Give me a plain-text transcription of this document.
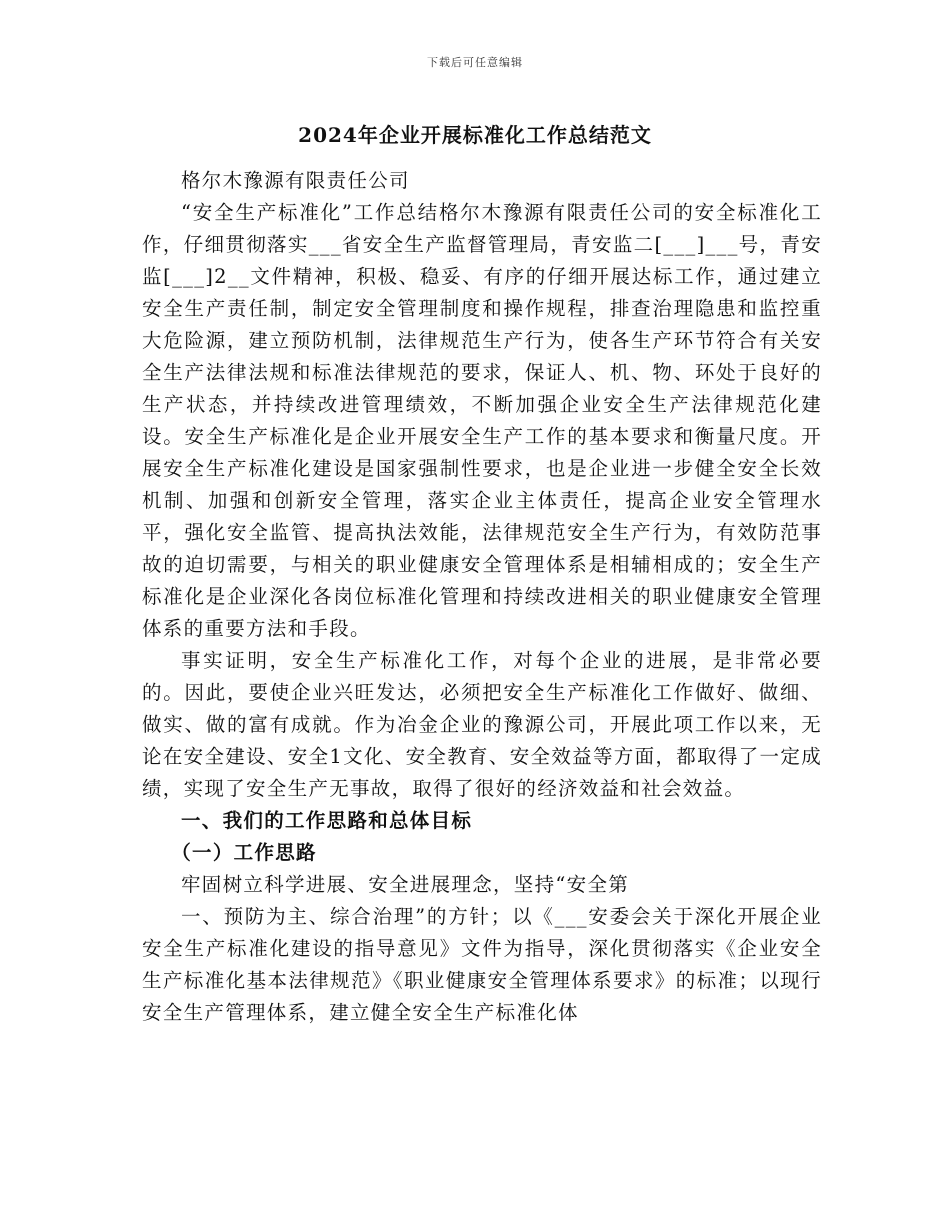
下载后可任意编辑
2024年企业开展标准化工作总结范文

格尔木豫源有限责任公司

“安全生产标准化”工作总结格尔木豫源有限责任公司的安全标准化工作，仔细贯彻落实___省安全生产监督管理局，青安监二[___]___号，青安监[___]2__文件精神，积极、稳妥、有序的仔细开展达标工作，通过建立安全生产责任制，制定安全管理制度和操作规程，排查治理隐患和监控重大危险源，建立预防机制，法律规范生产行为，使各生产环节符合有关安全生产法律法规和标准法律规范的要求，保证人、机、物、环处于良好的生产状态，并持续改进管理绩效，不断加强企业安全生产法律规范化建设。安全生产标准化是企业开展安全生产工作的基本要求和衡量尺度。开展安全生产标准化建设是国家强制性要求，也是企业进一步健全安全长效机制、加强和创新安全管理，落实企业主体责任，提高企业安全管理水平，强化安全监管、提高执法效能，法律规范安全生产行为，有效防范事故的迫切需要，与相关的职业健康安全管理体系是相辅相成的；安全生产标准化是企业深化各岗位标准化管理和持续改进相关的职业健康安全管理体系的重要方法和手段。

事实证明，安全生产标准化工作，对每个企业的进展，是非常必要的。因此，要使企业兴旺发达，必须把安全生产标准化工作做好、做细、做实、做的富有成就。作为冶金企业的豫源公司，开展此项工作以来，无论在安全建设、安全1文化、安全教育、安全效益等方面，都取得了一定成绩，实现了安全生产无事故，取得了很好的经济效益和社会效益。

一、我们的工作思路和总体目标

（一）工作思路

牢固树立科学进展、安全进展理念，坚持“安全第

一、预防为主、综合治理”的方针；以《___安委会关于深化开展企业安全生产标准化建设的指导意见》文件为指导，深化贯彻落实《企业安全生产标准化基本法律规范》《职业健康安全管理体系要求》的标准；以现行安全生产管理体系，建立健全安全生产标准化体
